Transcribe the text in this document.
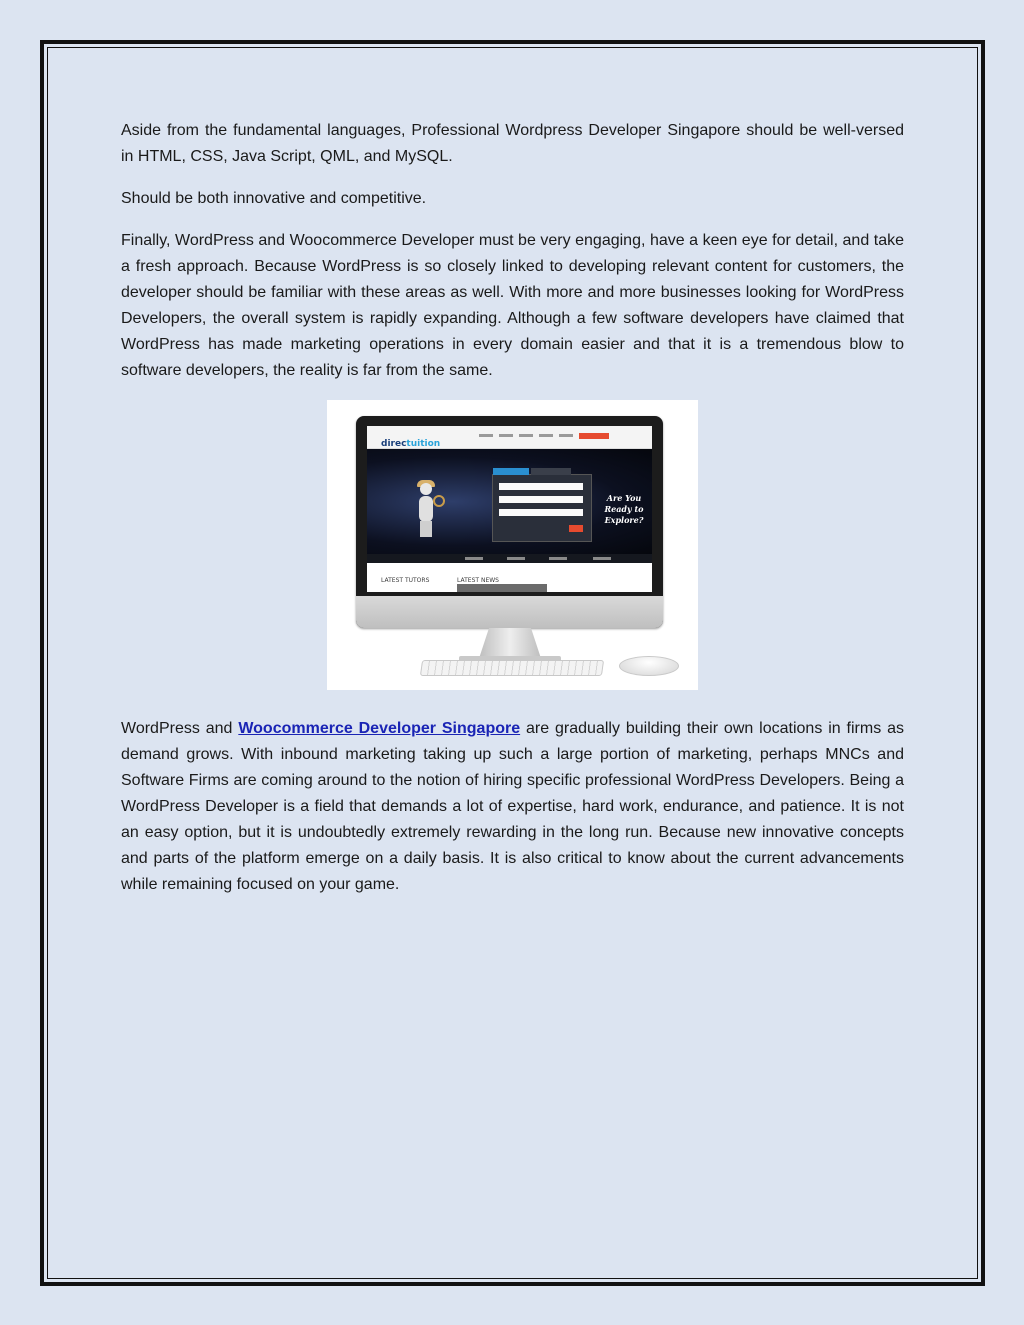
Aside from the fundamental languages, Professional Wordpress Developer Singapore should be well-versed in HTML, CSS, Java Script, QML, and MySQL.

Should be both innovative and competitive.

Finally, WordPress and Woocommerce Developer must be very engaging, have a keen eye for detail, and take a fresh approach. Because WordPress is so closely linked to developing relevant content for customers, the developer should be familiar with these areas as well. With more and more businesses looking for WordPress Developers, the overall system is rapidly expanding. Although a few software developers have claimed that WordPress has made marketing operations in every domain easier and that it is a tremendous blow to software developers, the reality is far from the same.

directuition
Are You Ready to Explore?
LATEST TUTORS	LATEST NEWS

WordPress and Woocommerce Developer Singapore are gradually building their own locations in firms as demand grows. With inbound marketing taking up such a large portion of marketing, perhaps MNCs and Software Firms are coming around to the notion of hiring specific professional WordPress Developers. Being a WordPress Developer is a field that demands a lot of expertise, hard work, endurance, and patience. It is not an easy option, but it is undoubtedly extremely rewarding in the long run. Because new innovative concepts and parts of the platform emerge on a daily basis. It is also critical to know about the current advancements while remaining focused on your game.
